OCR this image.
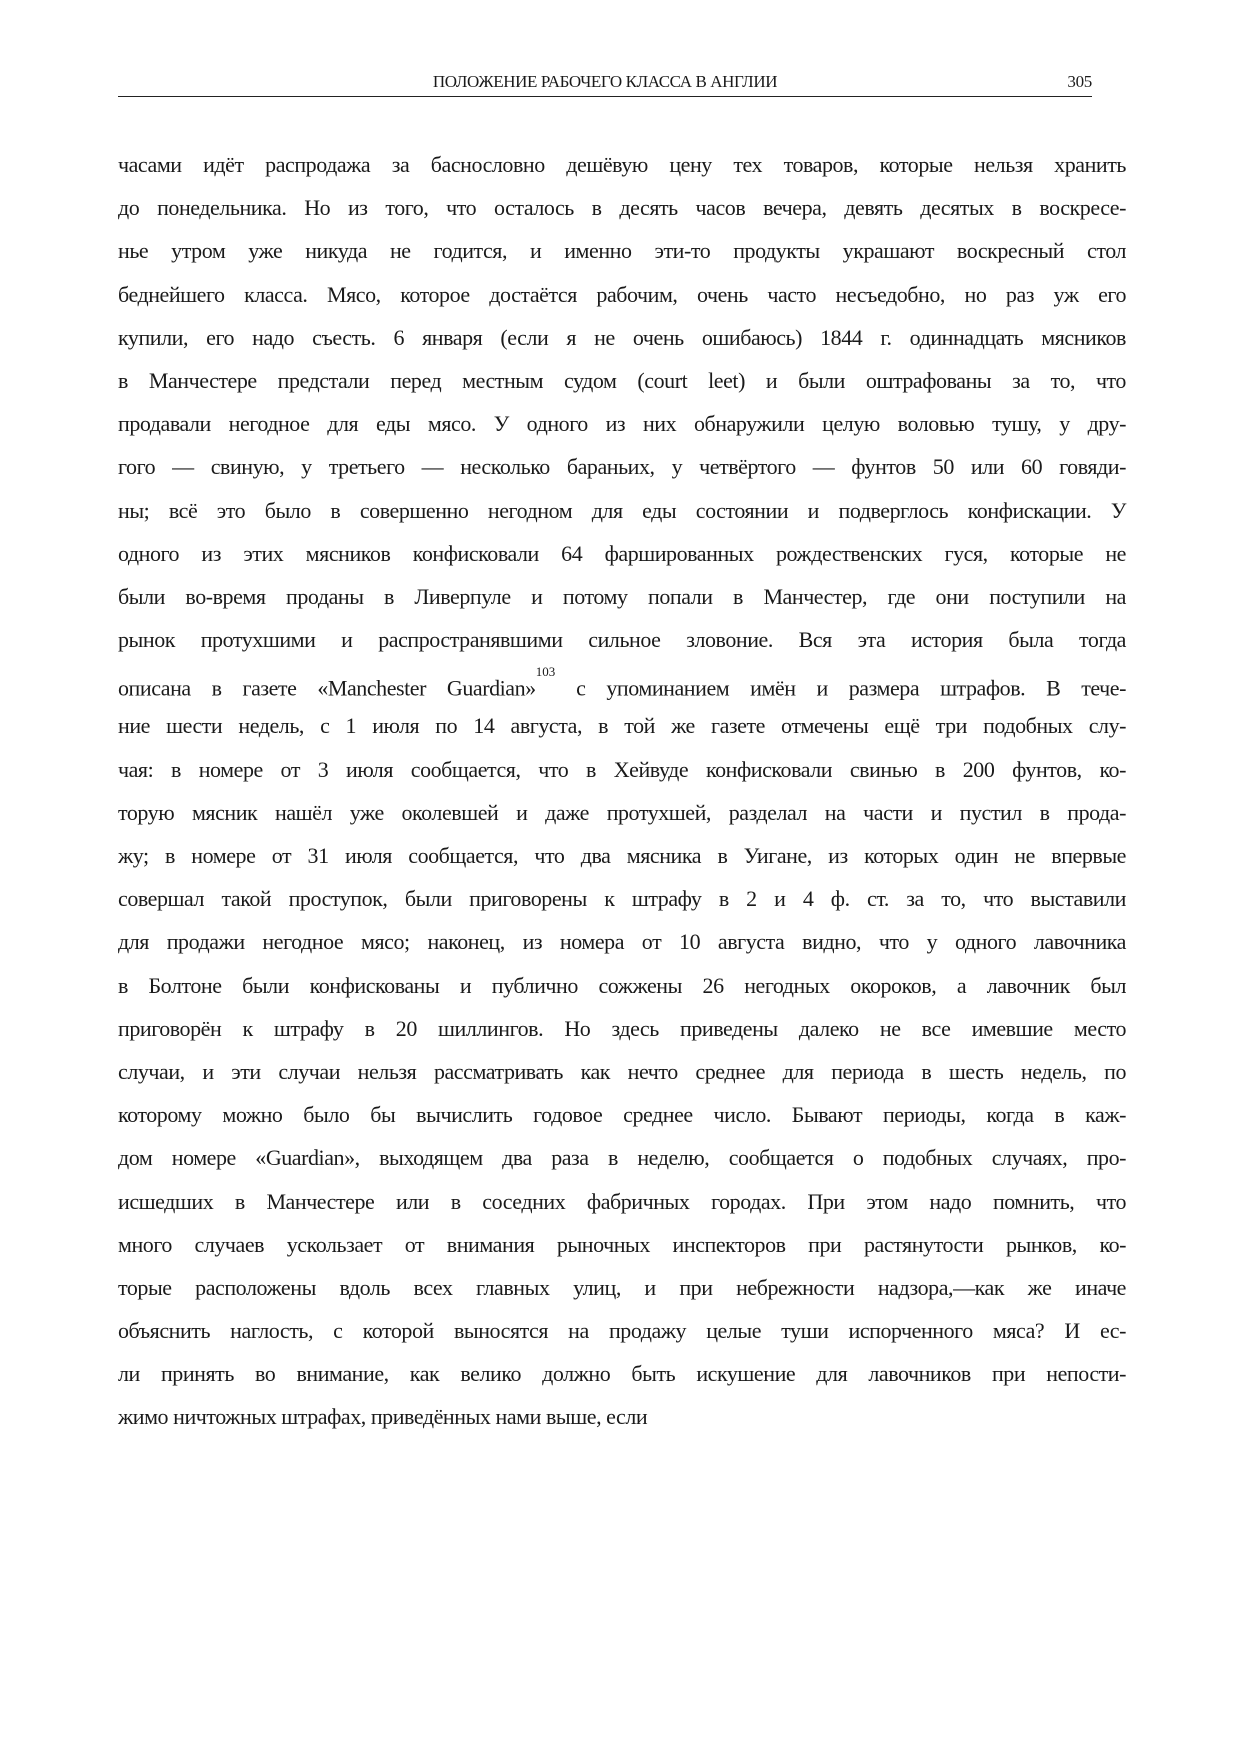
ПОЛОЖЕНИЕ РАБОЧЕГО КЛАССА В АНГЛИИ	305
часами идёт распродажа за баснословно дешёвую цену тех товаров, которые нельзя хранить
до понедельника. Но из того, что осталось в десять часов вечера, девять десятых в воскресе-
нье утром уже никуда не годится, и именно эти-то продукты украшают воскресный стол
беднейшего класса. Мясо, которое достаётся рабочим, очень часто несъедобно, но раз уж его
купили, его надо съесть. 6 января (если я не очень ошибаюсь) 1844 г. одиннадцать мясников
в Манчестере предстали перед местным судом (court leet) и были оштрафованы за то, что
продавали негодное для еды мясо. У одного из них обнаружили целую воловью тушу, у дру-
гого — свиную, у третьего — несколько бараньих, у четвёртого — фунтов 50 или 60 говяди-
ны; всё это было в совершенно негодном для еды состоянии и подверглось конфискации. У
одного из этих мясников конфисковали 64 фаршированных рождественских гуся, которые не
были во-время проданы в Ливерпуле и потому попали в Манчестер, где они поступили на
рынок протухшими и распространявшими сильное зловоние. Вся эта история была тогда
описана в газете «Manchester Guardian»$^{103}$ с упоминанием имён и размера штрафов. В тече-
ние шести недель, с 1 июля по 14 августа, в той же газете отмечены ещё три подобных слу-
чая: в номере от 3 июля сообщается, что в Хейвуде конфисковали свинью в 200 фунтов, ко-
торую мясник нашёл уже околевшей и даже протухшей, разделал на части и пустил в прода-
жу; в номере от 31 июля сообщается, что два мясника в Уигане, из которых один не впервые
совершал такой проступок, были приговорены к штрафу в 2 и 4 ф. ст. за то, что выставили
для продажи негодное мясо; наконец, из номера от 10 августа видно, что у одного лавочника
в Болтоне были конфискованы и публично сожжены 26 негодных окороков, а лавочник был
приговорён к штрафу в 20 шиллингов. Но здесь приведены далеко не все имевшие место
случаи, и эти случаи нельзя рассматривать как нечто среднее для периода в шесть недель, по
которому можно было бы вычислить годовое среднее число. Бывают периоды, когда в каж-
дом номере «Guardian», выходящем два раза в неделю, сообщается о подобных случаях, про-
исшедших в Манчестере или в соседних фабричных городах. При этом надо помнить, что
много случаев ускользает от внимания рыночных инспекторов при растянутости рынков, ко-
торые расположены вдоль всех главных улиц, и при небрежности надзора,—как же иначе
объяснить наглость, с которой выносятся на продажу целые туши испорченного мяса? И ес-
ли принять во внимание, как велико должно быть искушение для лавочников при непости-
жимо ничтожных штрафах, приведённых нами выше, если
